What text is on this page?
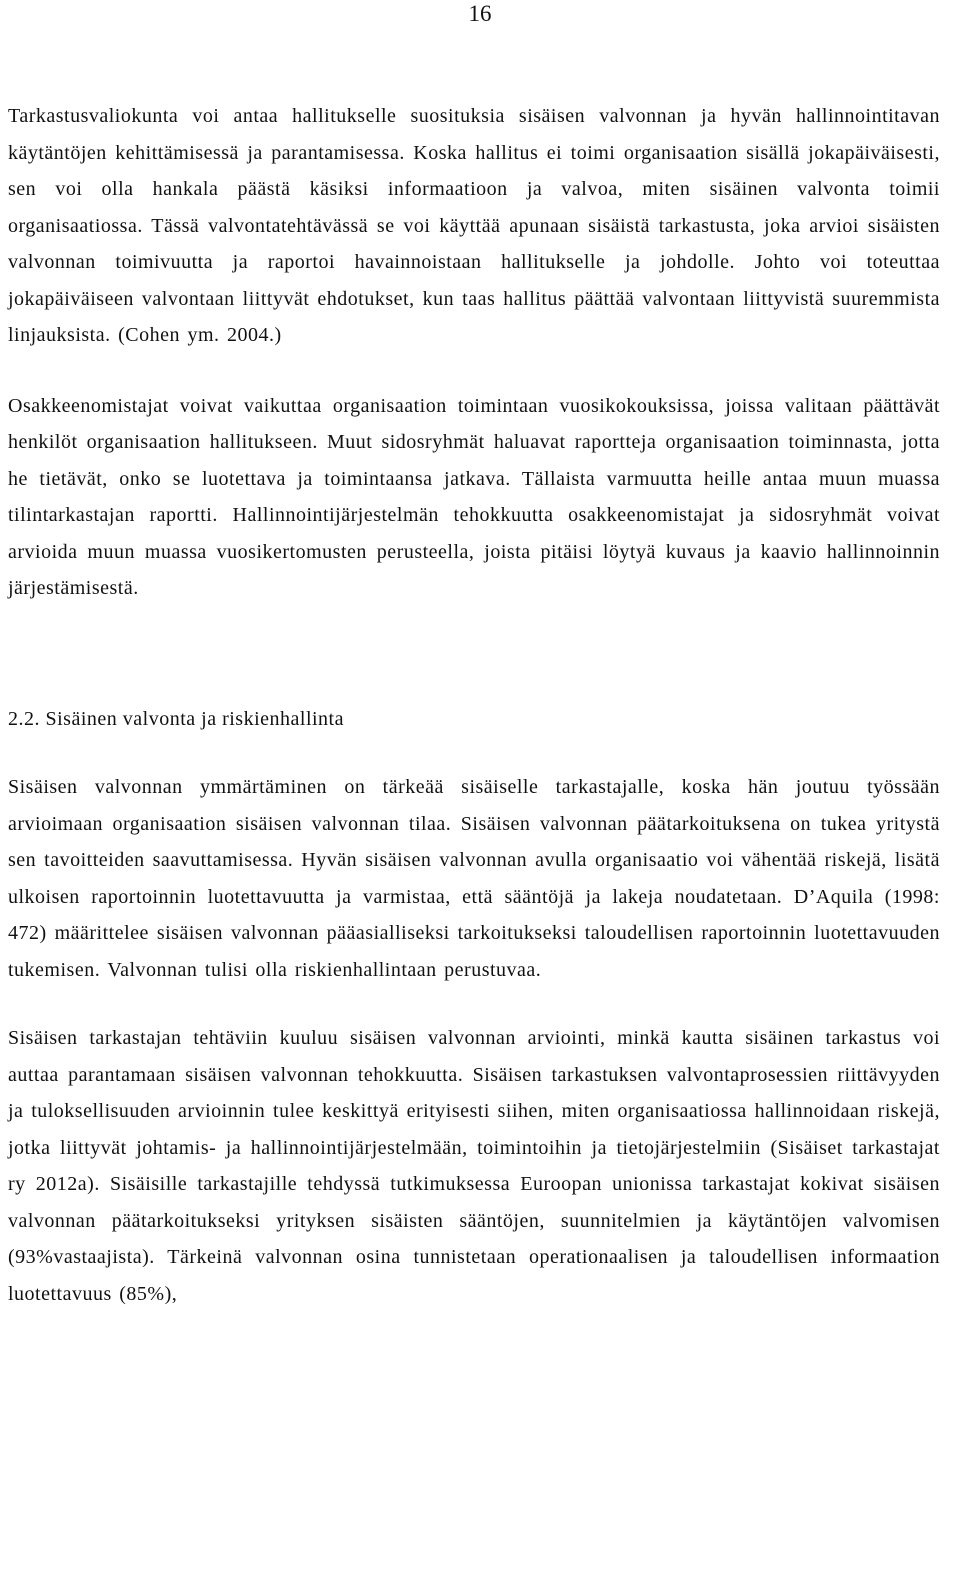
16

Tarkastusvaliokunta voi antaa hallitukselle suosituksia sisäisen valvonnan ja hyvän hallinnointitavan käytäntöjen kehittämisessä ja parantamisessa. Koska hallitus ei toimi organisaation sisällä jokapäiväisesti, sen voi olla hankala päästä käsiksi informaatioon ja valvoa, miten sisäinen valvonta toimii organisaatiossa. Tässä valvontatehtävässä se voi käyttää apunaan sisäistä tarkastusta, joka arvioi sisäisten valvonnan toimivuutta ja raportoi havainnoistaan hallitukselle ja johdolle. Johto voi toteuttaa jokapäiväiseen valvontaan liittyvät ehdotukset, kun taas hallitus päättää valvontaan liittyvistä suuremmista linjauksista. (Cohen ym. 2004.)

Osakkeenomistajat voivat vaikuttaa organisaation toimintaan vuosikokouksissa, joissa valitaan päättävät henkilöt organisaation hallitukseen. Muut sidosryhmät haluavat raportteja organisaation toiminnasta, jotta he tietävät, onko se luotettava ja toimintaansa jatkava. Tällaista varmuutta heille antaa muun muassa tilintarkastajan raportti. Hallinnointijärjestelmän tehokkuutta osakkeenomistajat ja sidosryhmät voivat arvioida muun muassa vuosikertomusten perusteella, joista pitäisi löytyä kuvaus ja kaavio hallinnoinnin järjestämisestä.

2.2. Sisäinen valvonta ja riskienhallinta

Sisäisen valvonnan ymmärtäminen on tärkeää sisäiselle tarkastajalle, koska hän joutuu työssään arvioimaan organisaation sisäisen valvonnan tilaa. Sisäisen valvonnan päätarkoituksena on tukea yritystä sen tavoitteiden saavuttamisessa. Hyvän sisäisen valvonnan avulla organisaatio voi vähentää riskejä, lisätä ulkoisen raportoinnin luotettavuutta ja varmistaa, että sääntöjä ja lakeja noudatetaan. D’Aquila (1998: 472) määrittelee sisäisen valvonnan pääasialliseksi tarkoitukseksi taloudellisen raportoinnin luotettavuuden tukemisen. Valvonnan tulisi olla riskienhallintaan perustuvaa.

Sisäisen tarkastajan tehtäviin kuuluu sisäisen valvonnan arviointi, minkä kautta sisäinen tarkastus voi auttaa parantamaan sisäisen valvonnan tehokkuutta. Sisäisen tarkastuksen valvontaprosessien riittävyyden ja tuloksellisuuden arvioinnin tulee keskittyä erityisesti siihen, miten organisaatiossa hallinnoidaan riskejä, jotka liittyvät johtamis- ja hallinnointijärjestelmään, toimintoihin ja tietojärjestelmiin (Sisäiset tarkastajat ry 2012a). Sisäisille tarkastajille tehdyssä tutkimuksessa Euroopan unionissa tarkastajat kokivat sisäisen valvonnan päätarkoitukseksi yrityksen sisäisten sääntöjen, suunnitelmien ja käytäntöjen valvomisen (93%vastaajista). Tärkeinä valvonnan osina tunnistetaan operationaalisen ja taloudellisen informaation luotettavuus (85%),
